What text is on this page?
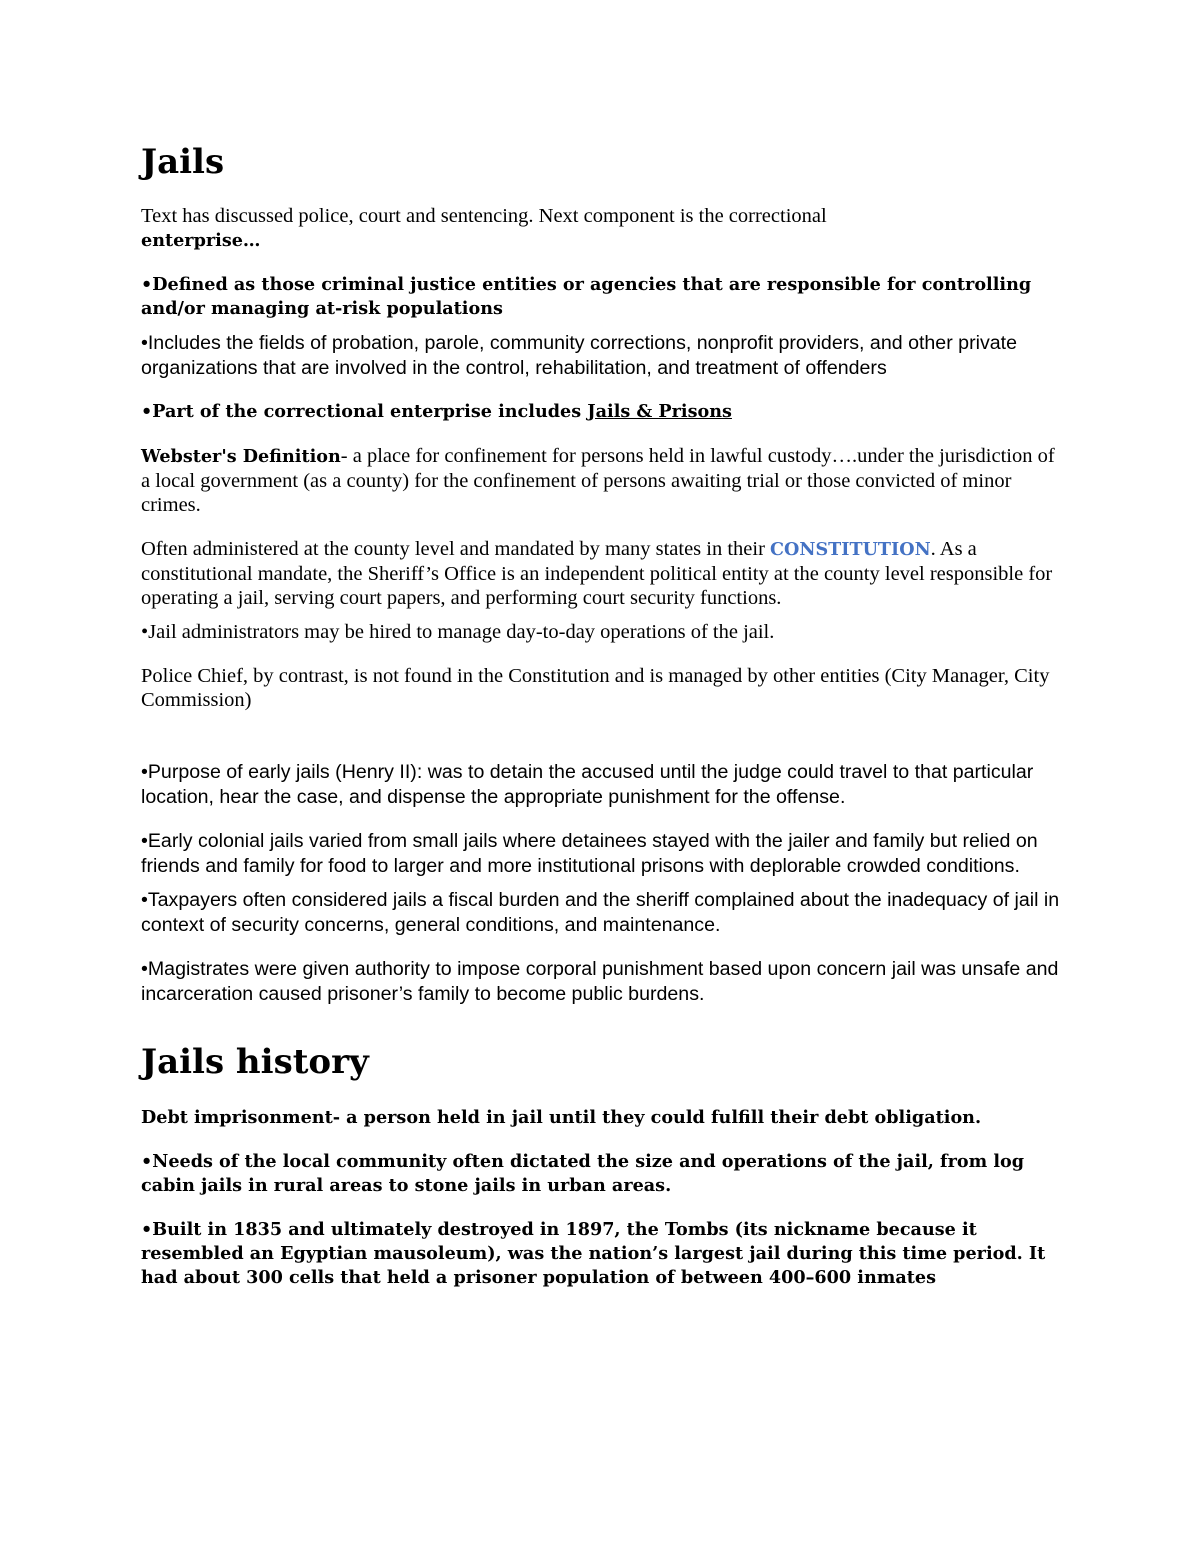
Jails

Text has discussed police, court and sentencing. Next component is the correctional
enterprise…

•Defined as those criminal justice entities or agencies that are responsible for controlling and/or managing at-risk populations

•Includes the fields of probation, parole, community corrections, nonprofit providers, and other private organizations that are involved in the control, rehabilitation, and treatment of offenders

•Part of the correctional enterprise includes Jails & Prisons

Webster's Definition- a place for confinement for persons held in lawful custody….under the jurisdiction of a local government (as a county) for the confinement of persons awaiting trial or those convicted of minor crimes.

Often administered at the county level and mandated by many states in their CONSTITUTION. As a constitutional mandate, the Sheriff’s Office is an independent political entity at the county level responsible for operating a jail, serving court papers, and performing court security functions.

•Jail administrators may be hired to manage day-to-day operations of the jail.

Police Chief, by contrast, is not found in the Constitution and is managed by other entities (City Manager, City Commission)

•Purpose of early jails (Henry II): was to detain the accused until the judge could travel to that particular location, hear the case, and dispense the appropriate punishment for the offense.

•Early colonial jails varied from small jails where detainees stayed with the jailer and family but relied on friends and family for food to larger and more institutional prisons with deplorable crowded conditions.

•Taxpayers often considered jails a fiscal burden and the sheriff complained about the inadequacy of jail in context of security concerns, general conditions, and maintenance.

•Magistrates were given authority to impose corporal punishment based upon concern jail was unsafe and incarceration caused prisoner’s family to become public burdens.

Jails history

Debt imprisonment- a person held in jail until they could fulfill their debt obligation.

•Needs of the local community often dictated the size and operations of the jail, from log cabin jails in rural areas to stone jails in urban areas.

•Built in 1835 and ultimately destroyed in 1897, the Tombs (its nickname because it resembled an Egyptian mausoleum), was the nation’s largest jail during this time period. It had about 300 cells that held a prisoner population of between 400–600 inmates
